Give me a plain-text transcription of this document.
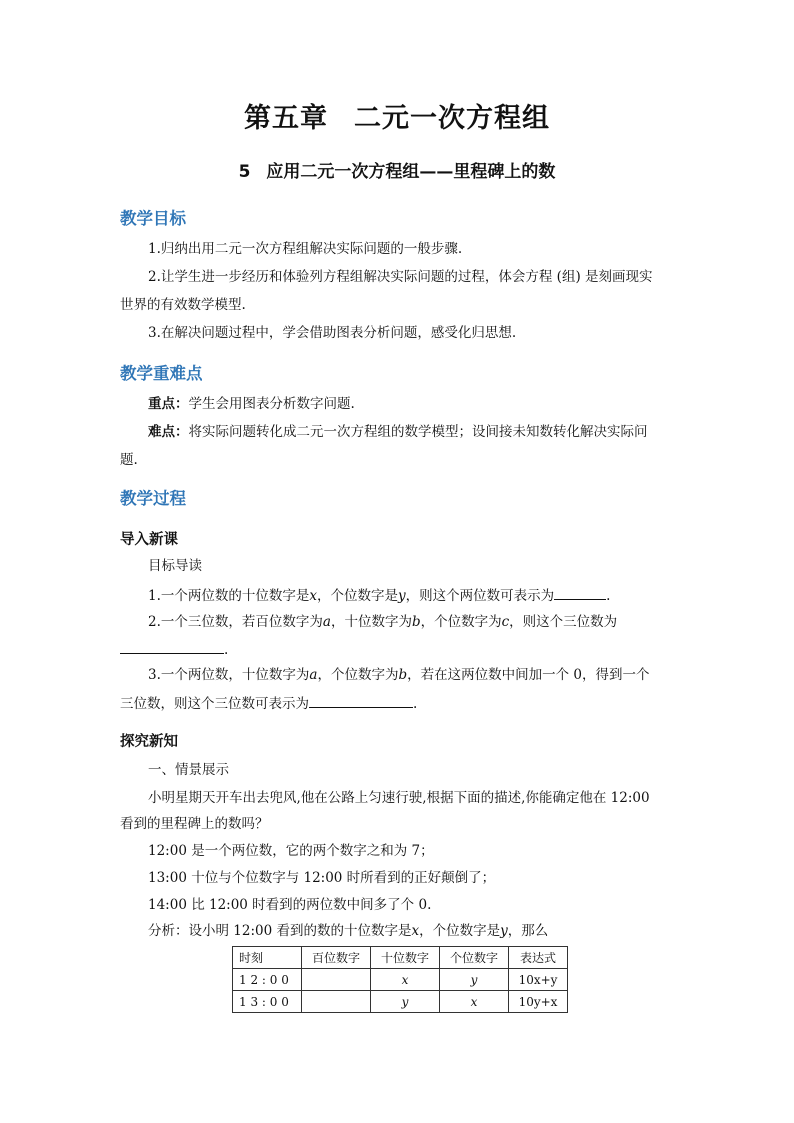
第五章 二元一次方程组
5 应用二元一次方程组——里程碑上的数
教学目标
1.归纳出用二元一次方程组解决实际问题的一般步骤.
2.让学生进一步经历和体验列方程组解决实际问题的过程，体会方程 (组) 是刻画现实
世界的有效数学模型.
3.在解决问题过程中，学会借助图表分析问题，感受化归思想.
教学重难点
重点：学生会用图表分析数字问题.
难点：将实际问题转化成二元一次方程组的数学模型；设间接未知数转化解决实际问
题.
教学过程
导入新课
目标导读
1.一个两位数的十位数字是x，个位数字是y，则这个两位数可表示为	.
2.一个三位数，若百位数字为a，十位数字为b，个位数字为c，则这个三位数为
.
3.一个两位数，十位数字为a，个位数字为b，若在这两位数中间加一个 0，得到一个
三位数，则这个三位数可表示为	.
探究新知
一、情景展示
小明星期天开车出去兜风,他在公路上匀速行驶,根据下面的描述,你能确定他在 12:00
看到的里程碑上的数吗？
12:00 是一个两位数，它的两个数字之和为 7；
13:00 十位与个位数字与 12:00 时所看到的正好颠倒了；
14:00 比 12:00 时看到的两位数中间多了个 0.
分析：设小明 12:00 看到的数的十位数字是x，个位数字是y，那么
时刻	百位数字	十位数字	个位数字	表达式
1 2 : 0 0		x	y	10x+y
1 3 : 0 0		y	x	10y+x
